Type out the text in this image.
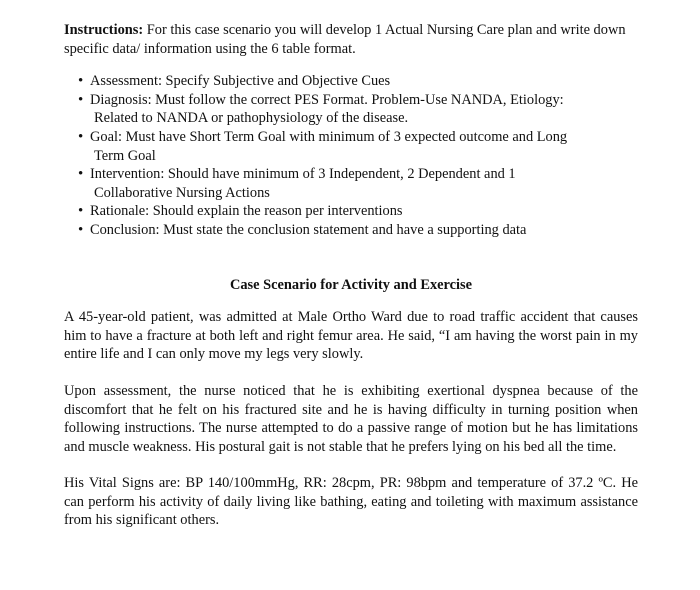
Instructions: For this case scenario you will develop 1 Actual Nursing Care plan and write down specific data/ information using the 6 table format.

• Assessment: Specify Subjective and Objective Cues
• Diagnosis: Must follow the correct PES Format. Problem-Use NANDA, Etiology:
Related to NANDA or pathophysiology of the disease.
• Goal: Must have Short Term Goal with minimum of 3 expected outcome and Long
Term Goal
• Intervention: Should have minimum of 3 Independent, 2 Dependent and 1
Collaborative Nursing Actions
• Rationale: Should explain the reason per interventions
• Conclusion: Must state the conclusion statement and have a supporting data

Case Scenario for Activity and Exercise

A 45-year-old patient, was admitted at Male Ortho Ward due to road traffic accident that causes him to have a fracture at both left and right femur area. He said, “I am having the worst pain in my entire life and I can only move my legs very slowly.

Upon assessment, the nurse noticed that he is exhibiting exertional dyspnea because of the discomfort that he felt on his fractured site and he is having difficulty in turning position when following instructions. The nurse attempted to do a passive range of motion but he has limitations and muscle weakness. His postural gait is not stable that he prefers lying on his bed all the time.

His Vital Signs are: BP 140/100mmHg, RR: 28cpm, PR: 98bpm and temperature of 37.2 ºC. He can perform his activity of daily living like bathing, eating and toileting with maximum assistance from his significant others.
